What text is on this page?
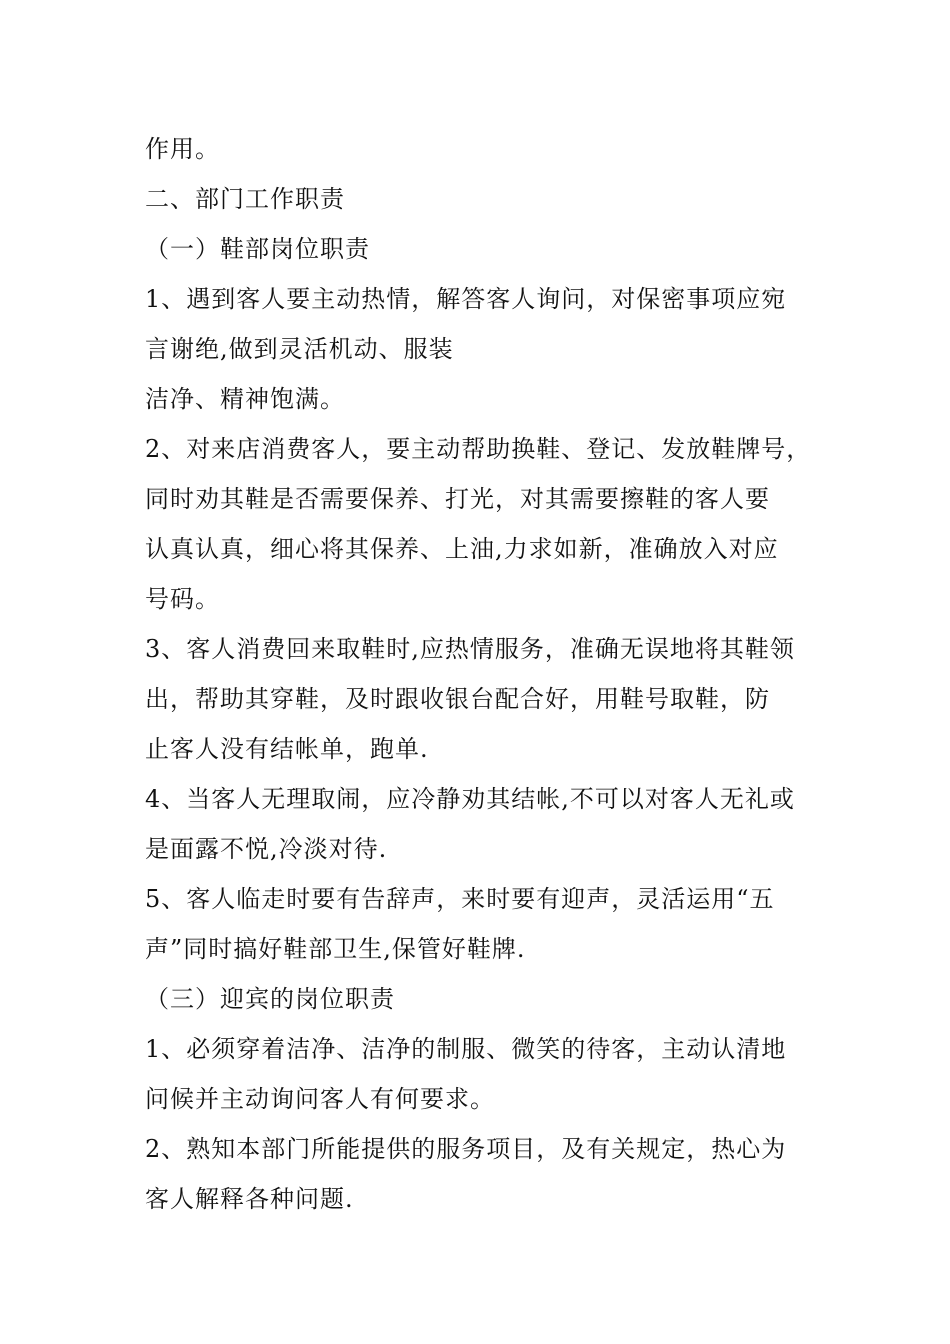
作用。
二、部门工作职责
（一）鞋部岗位职责
1、遇到客人要主动热情，解答客人询问，对保密事项应宛
言谢绝,做到灵活机动、服装
洁净、精神饱满。
2、对来店消费客人，要主动帮助换鞋、登记、发放鞋牌号，
同时劝其鞋是否需要保养、打光，对其需要擦鞋的客人要
认真认真，细心将其保养、上油,力求如新，准确放入对应
号码。
3、客人消费回来取鞋时,应热情服务，准确无误地将其鞋领
出，帮助其穿鞋，及时跟收银台配合好，用鞋号取鞋，防
止客人没有结帐单，跑单.
4、当客人无理取闹，应冷静劝其结帐,不可以对客人无礼或
是面露不悦,冷淡对待.
5、客人临走时要有告辞声，来时要有迎声，灵活运用“五
声”同时搞好鞋部卫生,保管好鞋牌.
（三）迎宾的岗位职责
1、必须穿着洁净、洁净的制服、微笑的待客，主动认清地
问候并主动询问客人有何要求。
2、熟知本部门所能提供的服务项目，及有关规定，热心为
客人解释各种问题.
